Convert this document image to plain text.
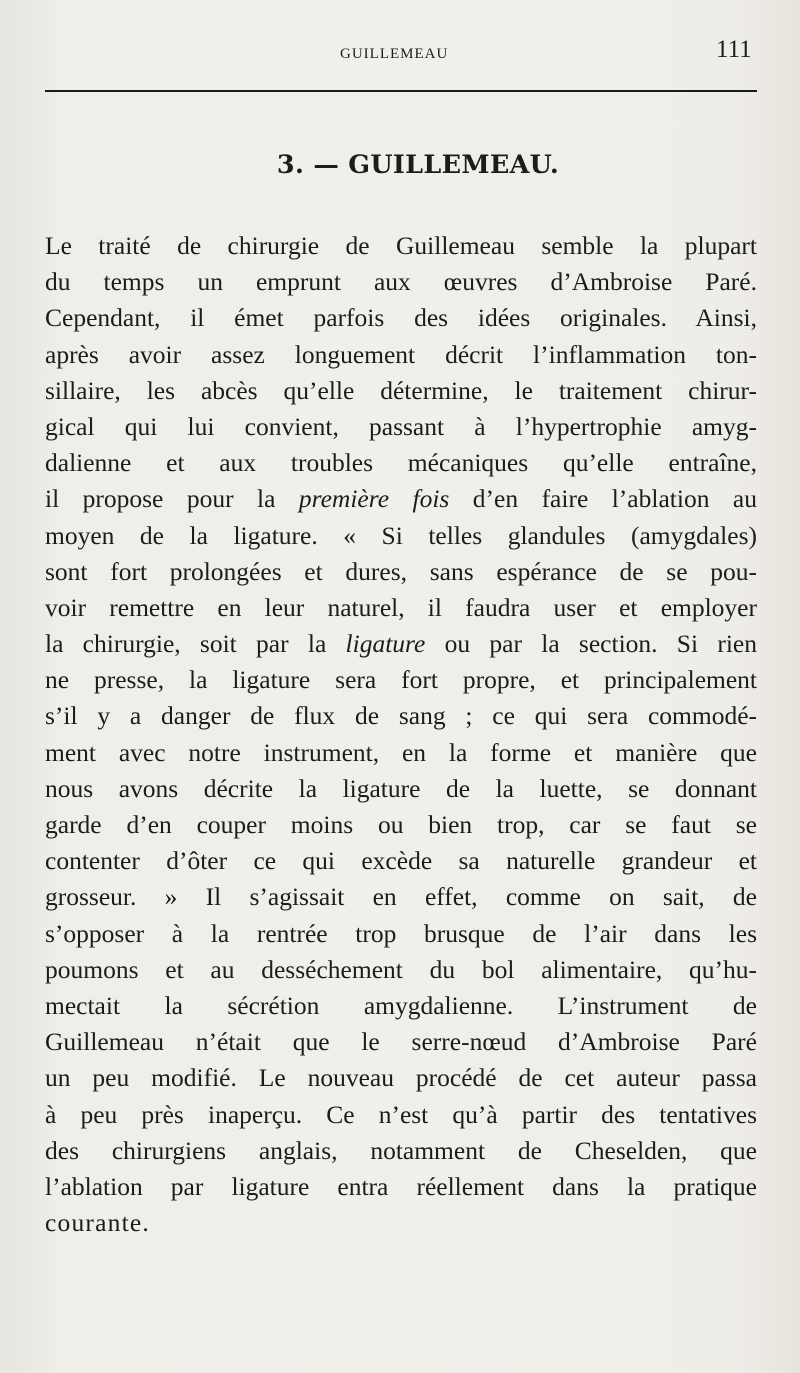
GUILLEMEAU	111
3. — GUILLEMEAU.
Le traité de chirurgie de Guillemeau semble la plupart
du temps un emprunt aux œuvres d’Ambroise Paré.
Cependant, il émet parfois des idées originales. Ainsi,
après avoir assez longuement décrit l’inflammation ton-
sillaire, les abcès qu’elle détermine, le traitement chirur-
gical qui lui convient, passant à l’hypertrophie amyg-
dalienne et aux troubles mécaniques qu’elle entraîne,
il propose pour la première fois d’en faire l’ablation au
moyen de la ligature. « Si telles glandules (amygdales)
sont fort prolongées et dures, sans espérance de se pou-
voir remettre en leur naturel, il faudra user et employer
la chirurgie, soit par la ligature ou par la section. Si rien
ne presse, la ligature sera fort propre, et principalement
s’il y a danger de flux de sang ; ce qui sera commodé-
ment avec notre instrument, en la forme et manière que
nous avons décrite la ligature de la luette, se donnant
garde d’en couper moins ou bien trop, car se faut se
contenter d’ôter ce qui excède sa naturelle grandeur et
grosseur. » Il s’agissait en effet, comme on sait, de
s’opposer à la rentrée trop brusque de l’air dans les
poumons et au desséchement du bol alimentaire, qu’hu-
mectait la sécrétion amygdalienne. L’instrument de
Guillemeau n’était que le serre-nœud d’Ambroise Paré
un peu modifié. Le nouveau procédé de cet auteur passa
à peu près inaperçu. Ce n’est qu’à partir des tentatives
des chirurgiens anglais, notamment de Cheselden, que
l’ablation par ligature entra réellement dans la pratique
courante.
